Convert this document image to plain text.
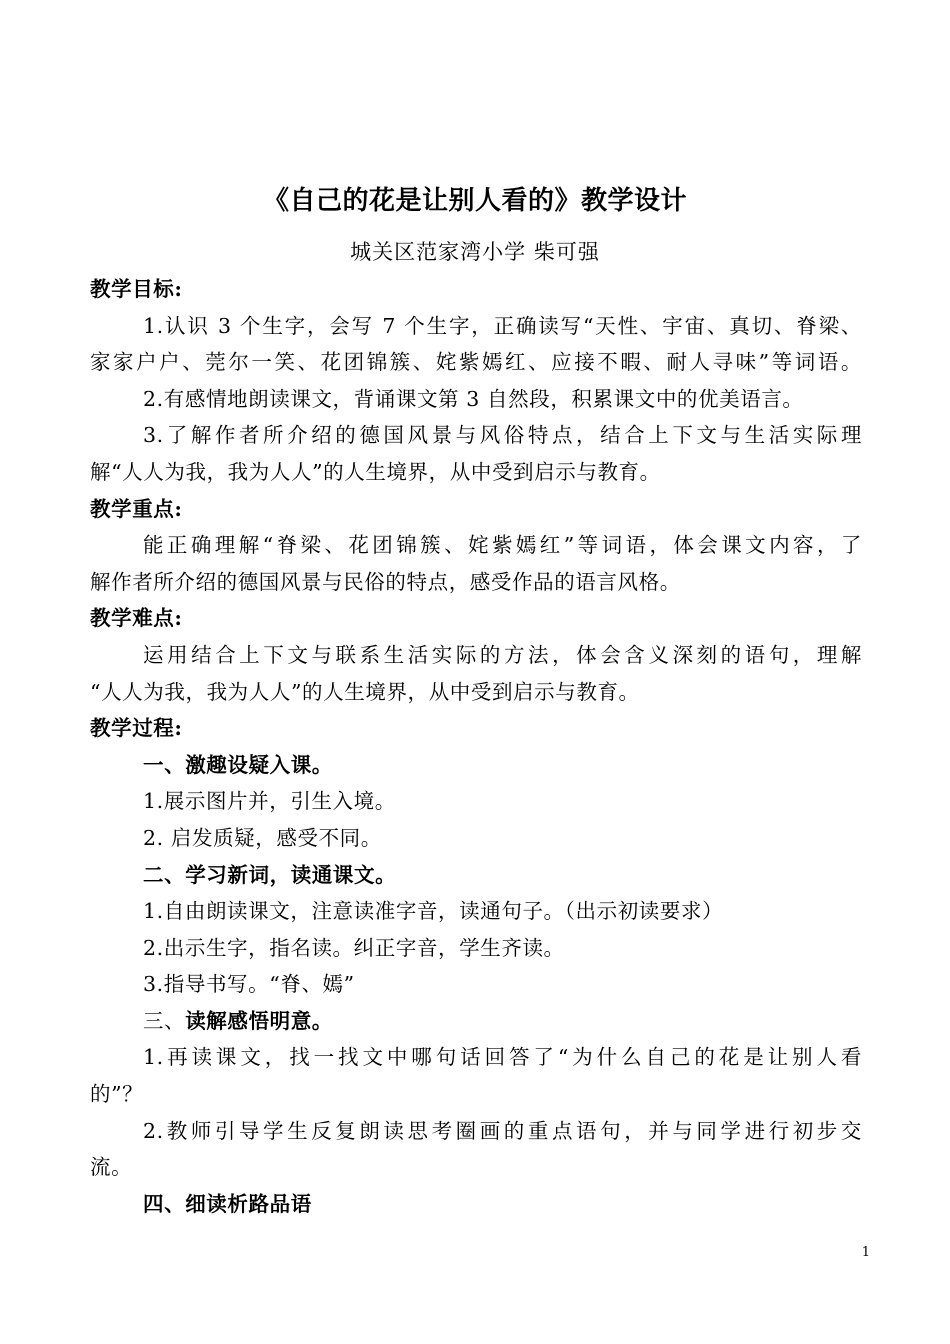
《自己的花是让别人看的》教学设计
城关区范家湾小学 柴可强
教学目标:
1.认识 3 个生字，会写 7 个生字，正确读写“天性、宇宙、真切、脊梁、
家家户户、莞尔一笑、花团锦簇、姹紫嫣红、应接不暇、耐人寻味”等词语。
2.有感情地朗读课文，背诵课文第 3 自然段，积累课文中的优美语言。
3.了解作者所介绍的德国风景与风俗特点，结合上下文与生活实际理
解“人人为我，我为人人”的人生境界，从中受到启示与教育。
教学重点:
能正确理解“脊梁、花团锦簇、姹紫嫣红”等词语，体会课文内容，了
解作者所介绍的德国风景与民俗的特点，感受作品的语言风格。
教学难点:
运用结合上下文与联系生活实际的方法，体会含义深刻的语句，理解
“人人为我，我为人人”的人生境界，从中受到启示与教育。
教学过程:
一、激趣设疑入课。
1.展示图片并，引生入境。
2. 启发质疑，感受不同。
二、学习新词，读通课文。
1.自由朗读课文，注意读准字音，读通句子。（出示初读要求）
2.出示生字，指名读。纠正字音，学生齐读。
3.指导书写。“脊、嫣”
三、读解感悟明意。
1.再读课文，找一找文中哪句话回答了“为什么自己的花是让别人看
的”？
2.教师引导学生反复朗读思考圈画的重点语句，并与同学进行初步交
流。
四、细读析路品语
1
